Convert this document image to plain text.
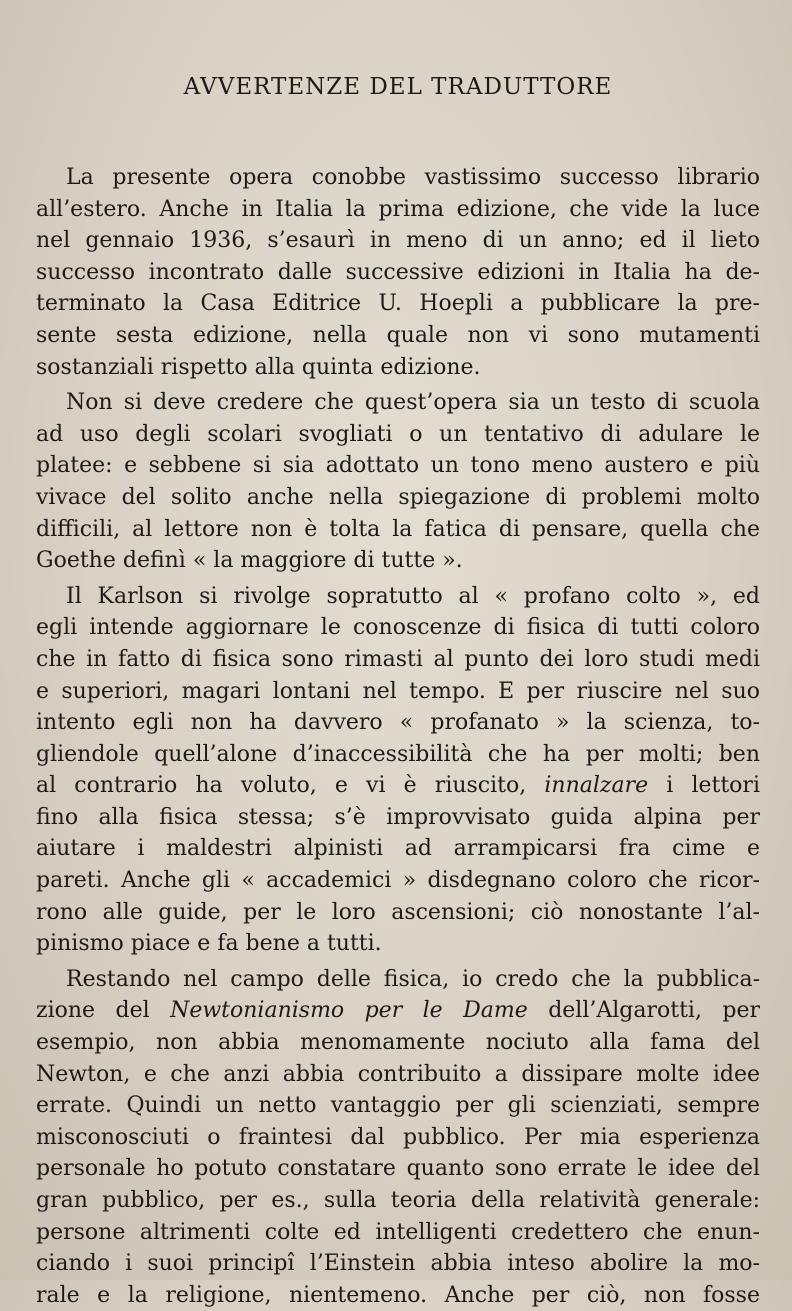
AVVERTENZE DEL TRADUTTORE
La presente opera conobbe vastissimo successo librario
all’estero. Anche in Italia la prima edizione, che vide la luce
nel gennaio 1936, s’esaurì in meno di un anno; ed il lieto
successo incontrato dalle successive edizioni in Italia ha de-
terminato la Casa Editrice U. Hoepli a pubblicare la pre-
sente sesta edizione, nella quale non vi sono mutamenti
sostanziali rispetto alla quinta edizione.
Non si deve credere che quest’opera sia un testo di scuola
ad uso degli scolari svogliati o un tentativo di adulare le
platee: e sebbene si sia adottato un tono meno austero e più
vivace del solito anche nella spiegazione di problemi molto
difficili, al lettore non è tolta la fatica di pensare, quella che
Goethe definì « la maggiore di tutte ».
Il Karlson si rivolge sopratutto al « profano colto », ed
egli intende aggiornare le conoscenze di fisica di tutti coloro
che in fatto di fisica sono rimasti al punto dei loro studi medi
e superiori, magari lontani nel tempo. E per riuscire nel suo
intento egli non ha davvero « profanato » la scienza, to-
gliendole quell’alone d’inaccessibilità che ha per molti; ben
al contrario ha voluto, e vi è riuscito, innalzare i lettori
fino alla fisica stessa; s’è improvvisato guida alpina per
aiutare i maldestri alpinisti ad arrampicarsi fra cime e
pareti. Anche gli « accademici » disdegnano coloro che ricor-
rono alle guide, per le loro ascensioni; ciò nonostante l’al-
pinismo piace e fa bene a tutti.
Restando nel campo delle fisica, io credo che la pubblica-
zione del Newtonianismo per le Dame dell’Algarotti, per
esempio, non abbia menomamente nociuto alla fama del
Newton, e che anzi abbia contribuito a dissipare molte idee
errate. Quindi un netto vantaggio per gli scienziati, sempre
misconosciuti o fraintesi dal pubblico. Per mia esperienza
personale ho potuto constatare quanto sono errate le idee del
gran pubblico, per es., sulla teoria della relatività generale:
persone altrimenti colte ed intelligenti credettero che enun-
ciando i suoi principî l’Einstein abbia inteso abolire la mo-
rale e la religione, nientemeno. Anche per ciò, non fosse
